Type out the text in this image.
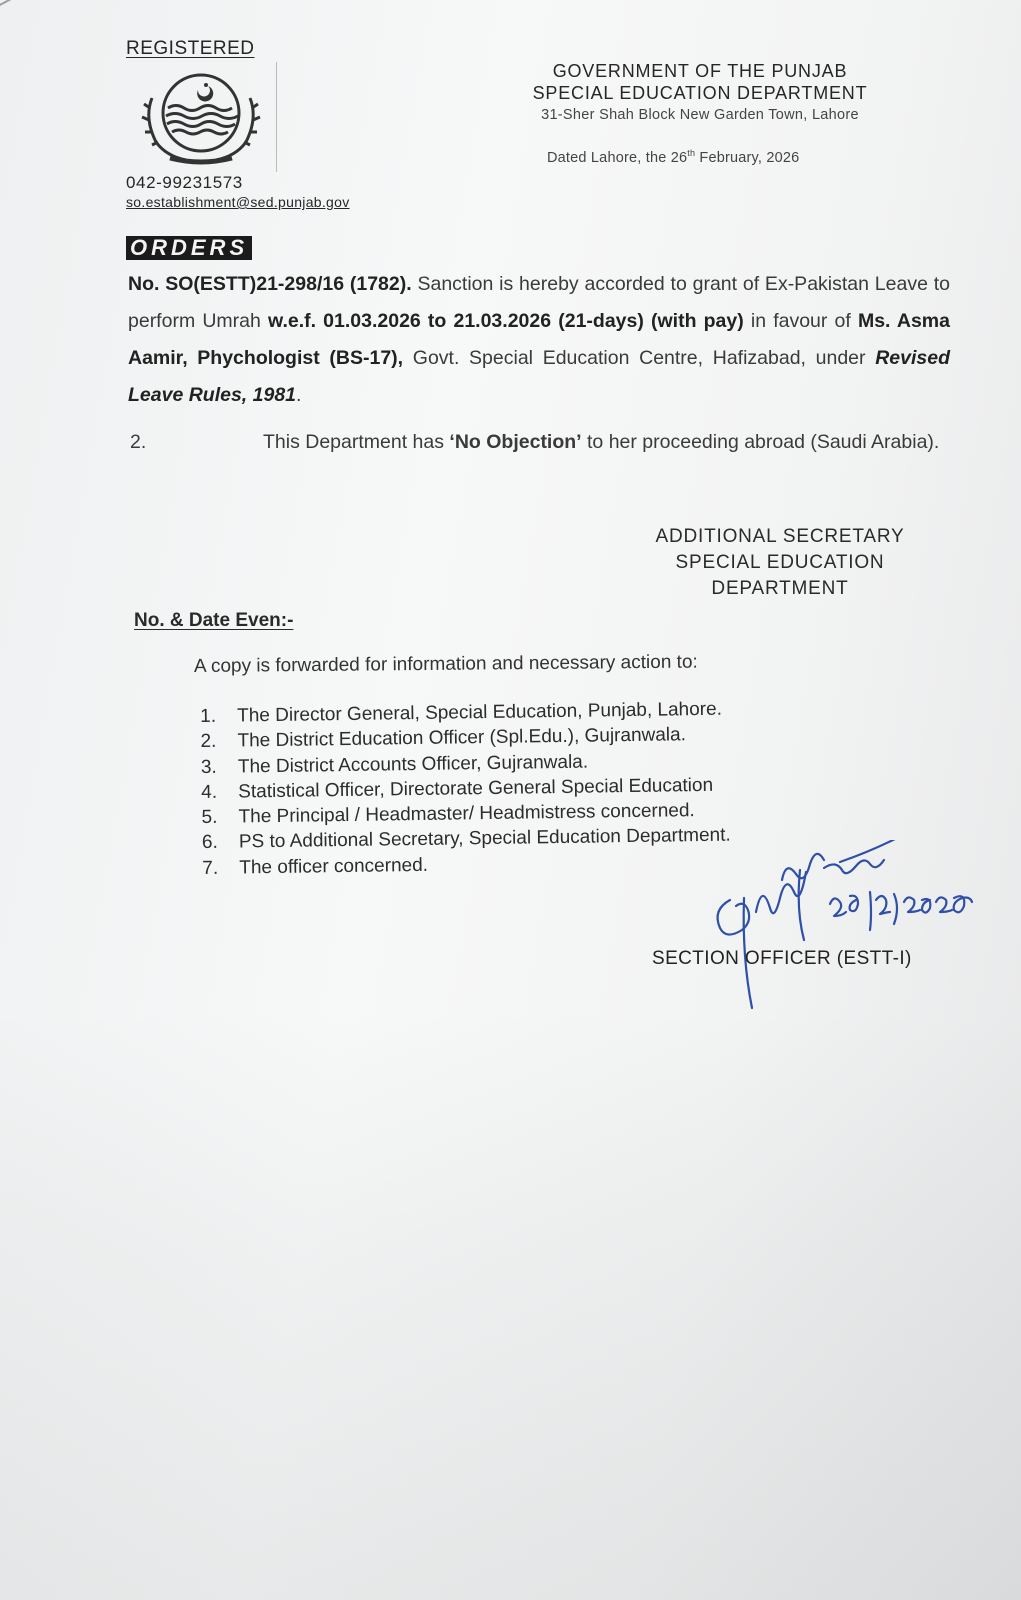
REGISTERED
042-99231573
so.establishment@sed.punjab.gov
GOVERNMENT OF THE PUNJAB
SPECIAL EDUCATION DEPARTMENT
31-Sher Shah Block New Garden Town, Lahore
Dated Lahore, the 26th February, 2026
ORDERS
No. SO(ESTT)21-298/16 (1782). Sanction is hereby accorded to grant of Ex-Pakistan Leave to perform Umrah w.e.f. 01.03.2026 to 21.03.2026 (21-days) (with pay) in favour of Ms. Asma Aamir, Phychologist (BS-17), Govt. Special Education Centre, Hafizabad, under Revised Leave Rules, 1981.
2.	This Department has ‘No Objection’ to her proceeding abroad (Saudi Arabia).
ADDITIONAL SECRETARY
SPECIAL EDUCATION
DEPARTMENT
No. & Date Even:-
A copy is forwarded for information and necessary action to:
1.	The Director General, Special Education, Punjab, Lahore.
2.	The District Education Officer (Spl.Edu.), Gujranwala.
3.	The District Accounts Officer, Gujranwala.
4.	Statistical Officer, Directorate General Special Education
5.	The Principal / Headmaster/ Headmistress concerned.
6.	PS to Additional Secretary, Special Education Department.
7.	The officer concerned.
SECTION OFFICER (ESTT-I)
